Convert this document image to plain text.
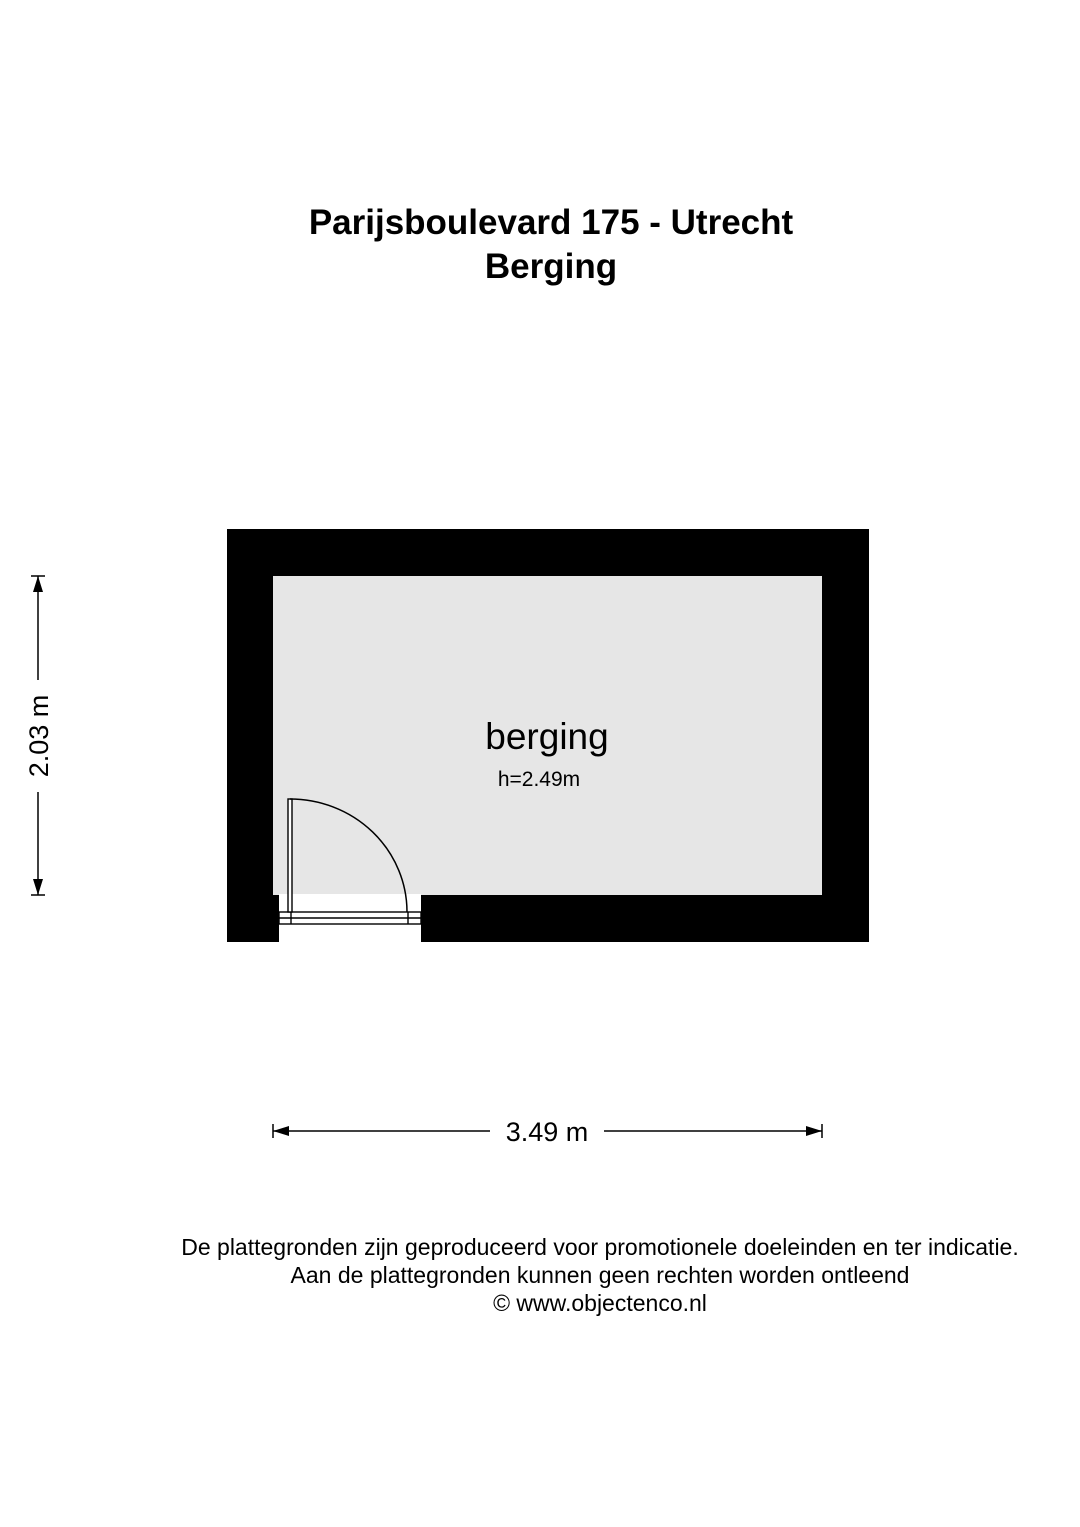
Parijsboulevard 175 - Utrecht
Berging
berging
h=2.49m
3.49 m
2.03 m
De plattegronden zijn geproduceerd voor promotionele doeleinden en ter indicatie.
Aan de plattegronden kunnen geen rechten worden ontleend
© www.objectenco.nl
